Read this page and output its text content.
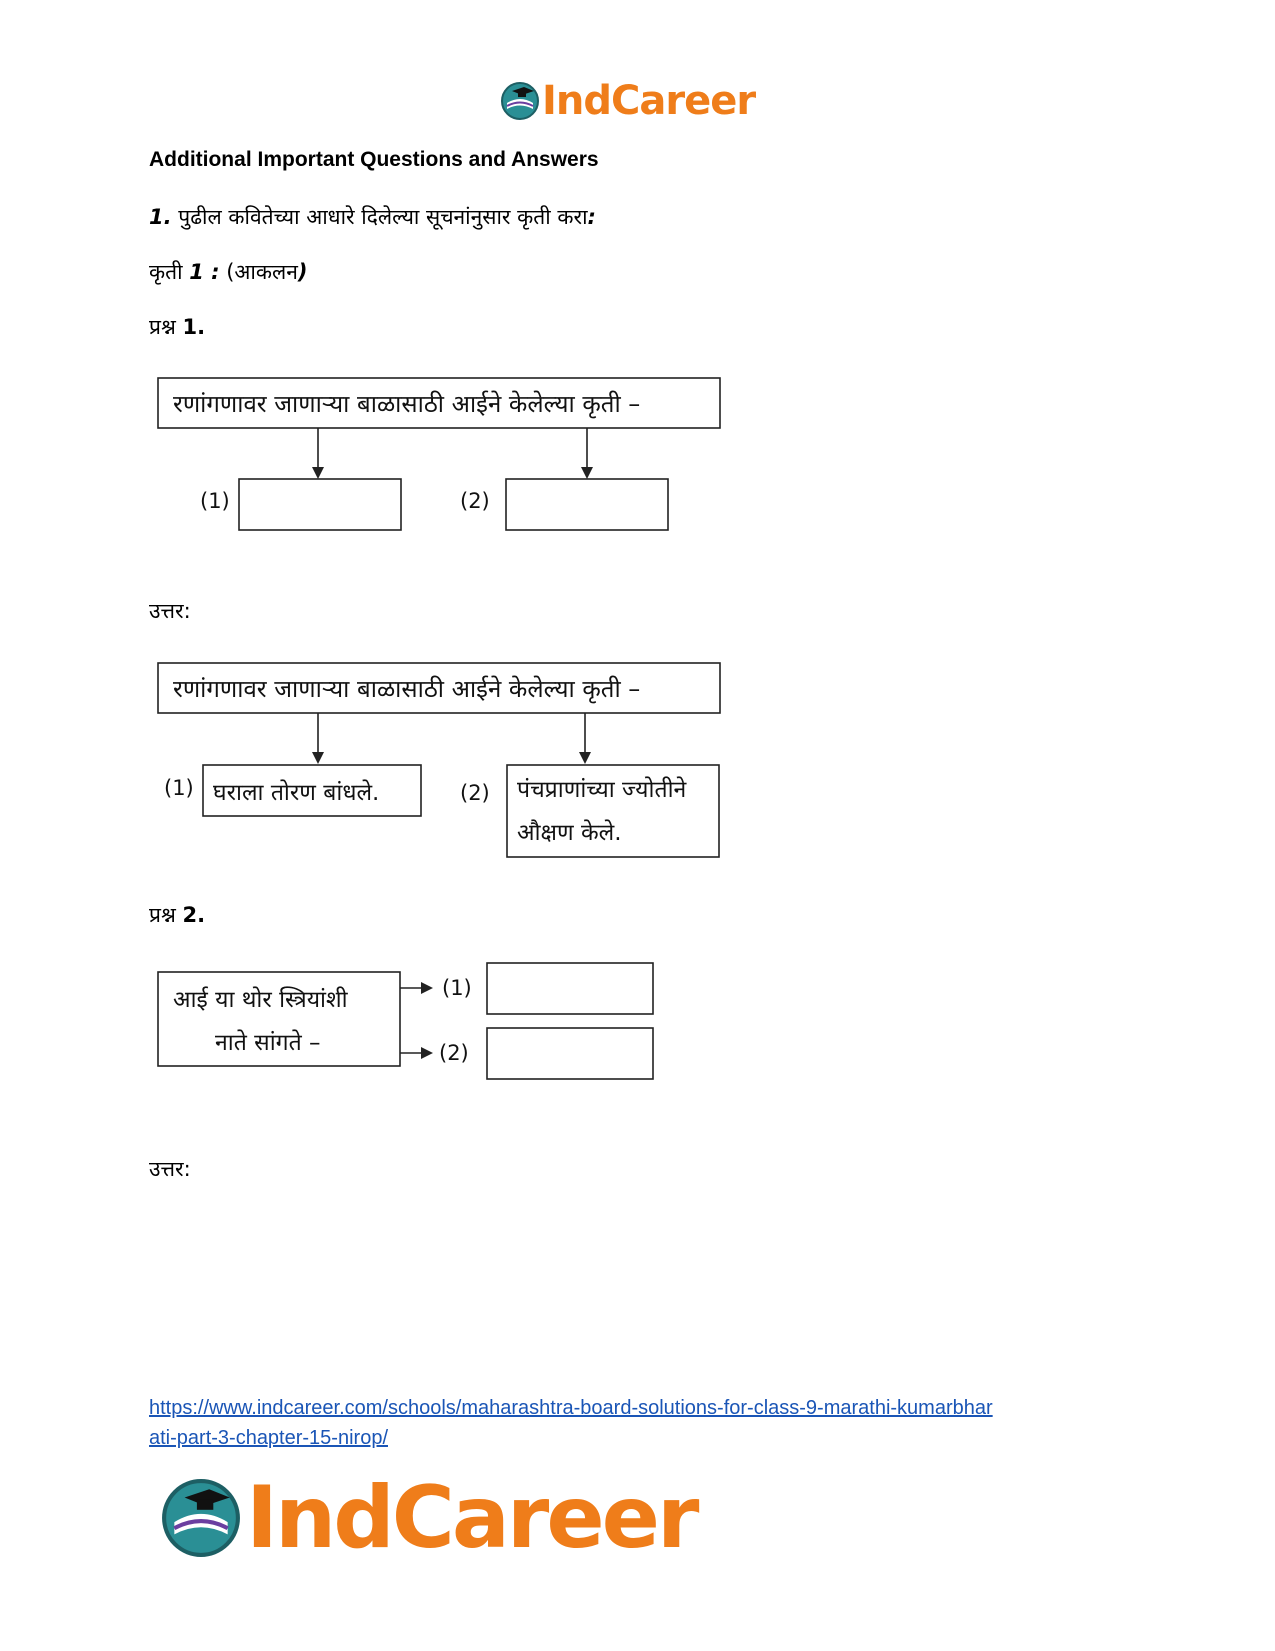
IndCareer
Additional Important Questions and Answers
1. पुढील कवितेच्या आधारे दिलेल्या सूचनांनुसार कृती करा:
कृती 1 : (आकलन)
प्रश्न 1.
रणांगणावर जाणाऱ्या बाळासाठी आईने केलेल्या कृती –
(1)	(2)
उत्तर:
रणांगणावर जाणाऱ्या बाळासाठी आईने केलेल्या कृती –
(1) घराला तोरण बांधले.	(2) पंचप्राणांच्या ज्योतीने
औक्षण केले.
प्रश्न 2.
आई या थोर स्त्रियांशी
नाते सांगते –
(1)
(2)
उत्तर:
https://www.indcareer.com/schools/maharashtra-board-solutions-for-class-9-marathi-kumarbhar
ati-part-3-chapter-15-nirop/
IndCareer
